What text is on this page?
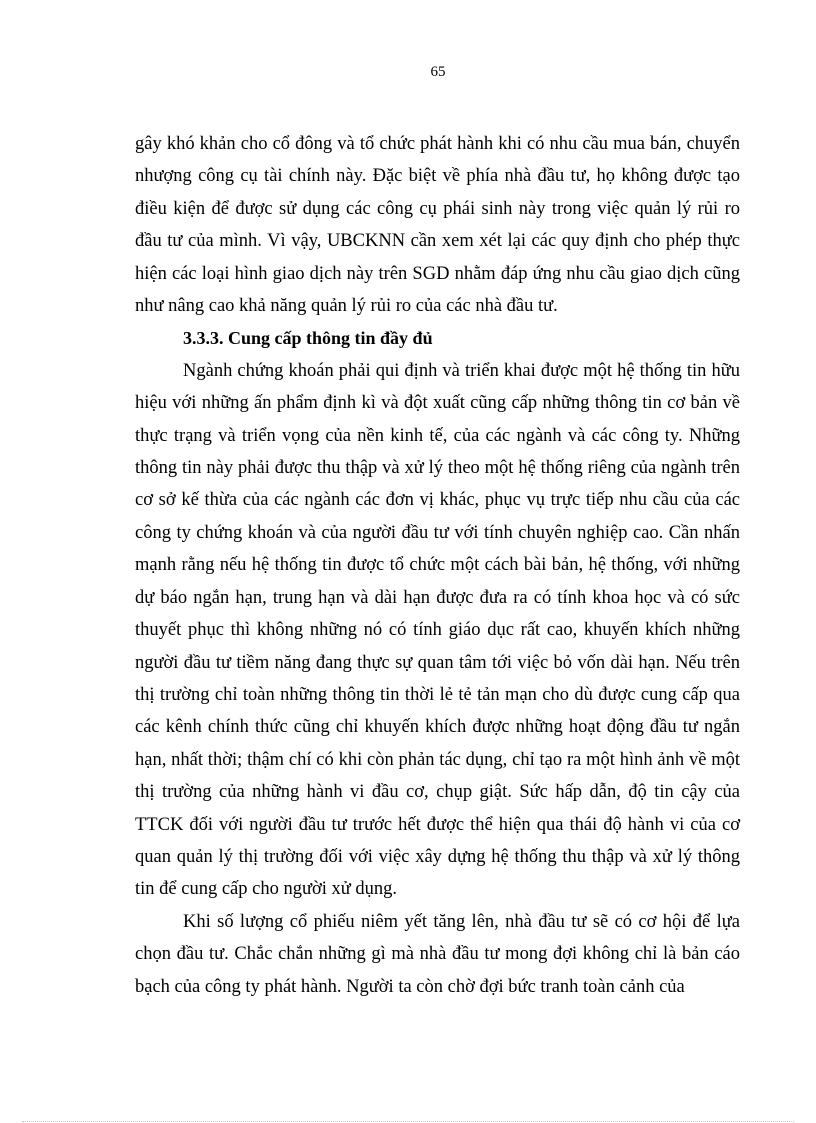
65

gây khó khản cho cổ đông và tổ chức phát hành khi có nhu cầu mua bán, chuyển nhượng công cụ tài chính này. Đặc biệt về phía nhà đầu tư, họ không được tạo điều kiện để được sử dụng các công cụ phái sinh này trong việc quản lý rủi ro đầu tư của mình. Vì vậy, UBCKNN cần xem xét lại các quy định cho phép thực hiện các loại hình giao dịch này trên SGD nhằm đáp ứng nhu cầu giao dịch cũng như nâng cao khả năng quản lý rủi ro của các nhà đầu tư.

3.3.3. Cung cấp thông tin đầy đủ

Ngành chứng khoán phải qui định và triển khai được một hệ thống tin hữu hiệu với những ấn phẩm định kì và đột xuất cũng cấp những thông tin cơ bản về thực trạng và triển vọng của nền kinh tế, của các ngành và các công ty. Những thông tin này phải được thu thập và xử lý theo một hệ thống riêng của ngành trên cơ sở kế thừa của các ngành các đơn vị khác, phục vụ trực tiếp nhu cầu của các công ty chứng khoán và của người đầu tư với tính chuyên nghiệp cao. Cần nhấn mạnh rằng nếu hệ thống tin được tổ chức một cách bài bản, hệ thống, với những dự báo ngắn hạn, trung hạn và dài hạn được đưa ra có tính khoa học và có sức thuyết phục thì không những nó có tính giáo dục rất cao, khuyến khích những người đầu tư tiềm năng đang thực sự quan tâm tới việc bỏ vốn dài hạn. Nếu trên thị trường chỉ toàn những thông tin thời lẻ tẻ tản mạn cho dù được cung cấp qua các kênh chính thức cũng chỉ khuyến khích được những hoạt động đầu tư ngắn hạn, nhất thời; thậm chí có khi còn phản tác dụng, chỉ tạo ra một hình ảnh về một thị trường của những hành vi đầu cơ, chụp giật. Sức hấp dẫn, độ tin cậy của TTCK đối với người đầu tư trước hết được thể hiện qua thái độ hành vi của cơ quan quản lý thị trường đối với việc xây dựng hệ thống thu thập và xử lý thông tin để cung cấp cho người xử dụng.

Khi số lượng cổ phiếu niêm yết tăng lên, nhà đầu tư sẽ có cơ hội để lựa chọn đầu tư. Chắc chắn những gì mà nhà đầu tư mong đợi không chỉ là bản cáo bạch của công ty phát hành. Người ta còn chờ đợi bức tranh toàn cảnh của
